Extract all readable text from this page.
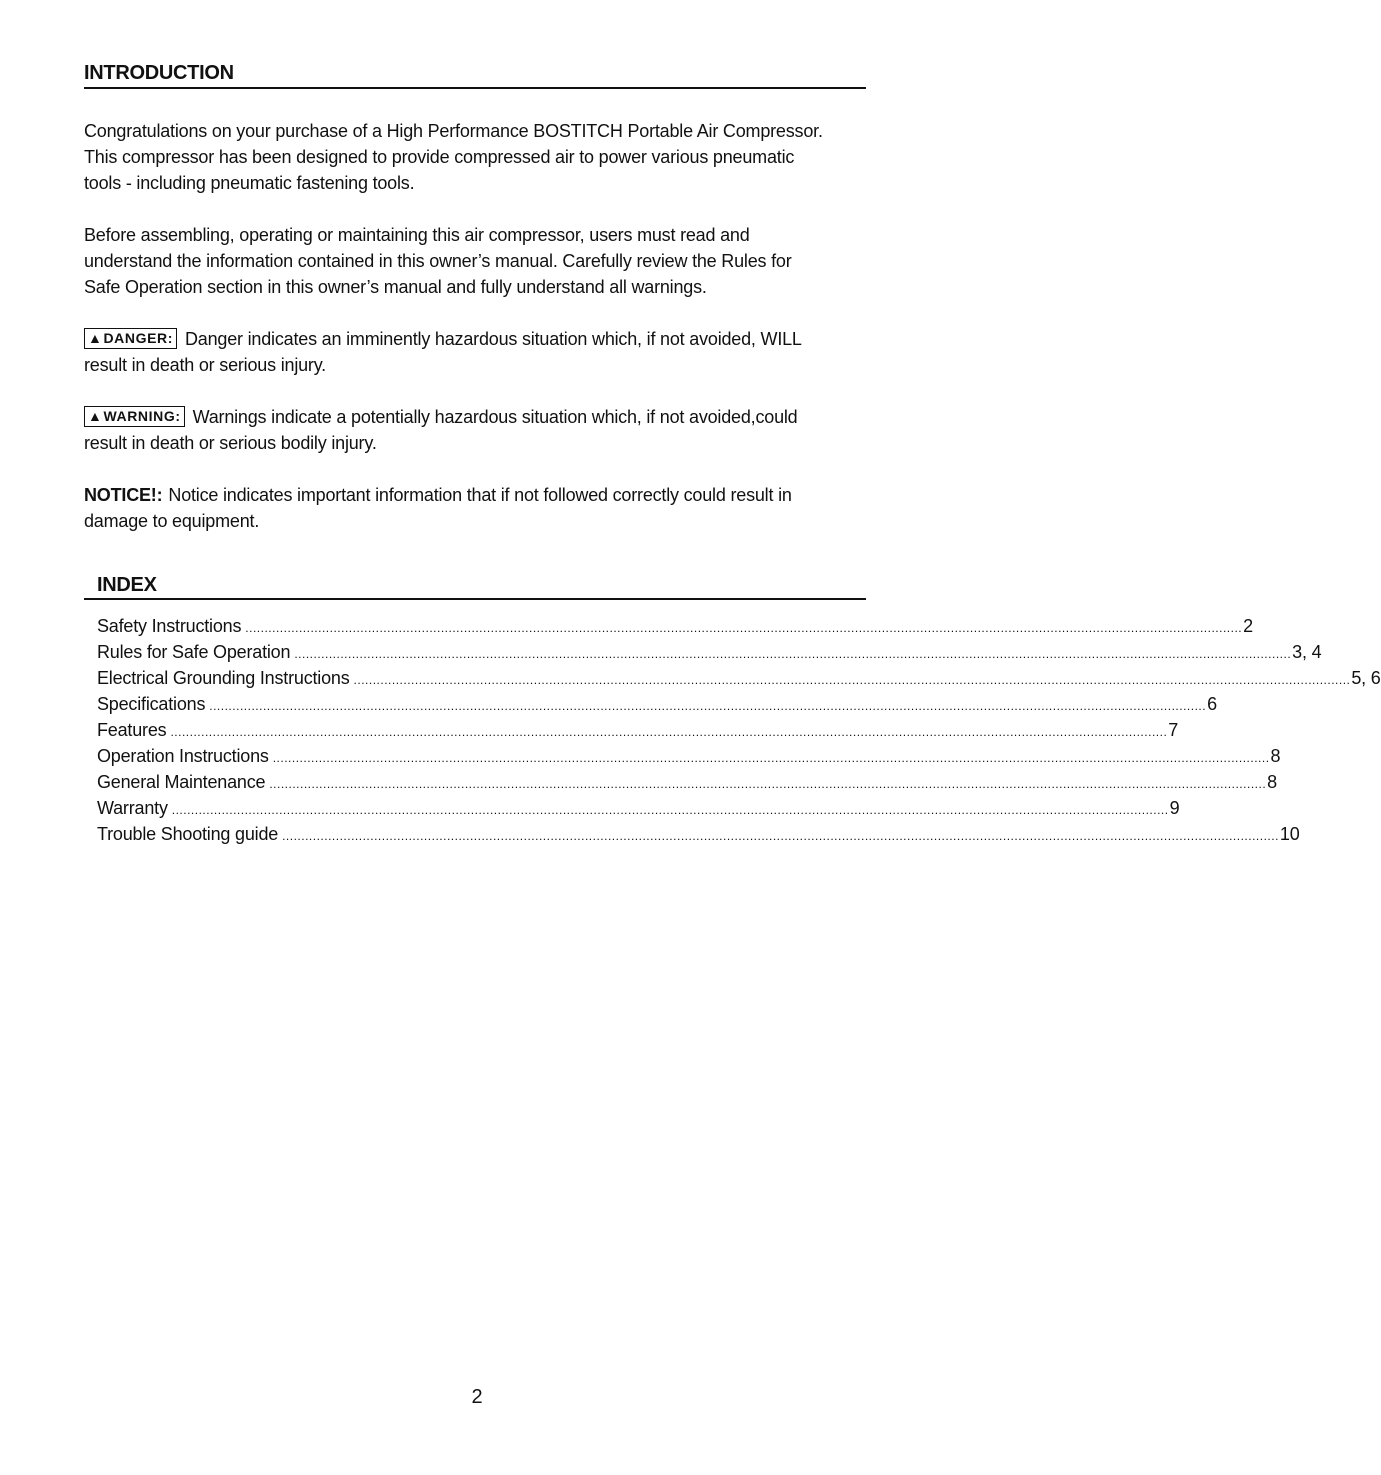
INTRODUCTION
Congratulations on your purchase of a High Performance BOSTITCH Portable Air Compressor.
This compressor has been designed to provide compressed air to power various pneumatic
tools - including pneumatic fastening tools.
Before assembling, operating or maintaining this air compressor, users must read and
understand the information contained in this owner’s manual. Carefully review the Rules for
Safe Operation section in this owner’s manual and fully understand all warnings.
▲DANGER: Danger indicates an imminently hazardous situation which, if not avoided, WILL
result in death or serious injury.
▲WARNING: Warnings indicate a potentially hazardous situation which, if not avoided,could
result in death or serious bodily injury.
NOTICE!: Notice indicates important information that if not followed correctly could result in
damage to equipment.
INDEX
Safety Instructions .................................................................................................................................................................................................................................................................... 2
Rules for Safe Operation .................................................................................................................................................................................................................................................................... 3, 4
Electrical Grounding Instructions .................................................................................................................................................................................................................................................................... 5, 6
Specifications .................................................................................................................................................................................................................................................................... 6
Features .................................................................................................................................................................................................................................................................... 7
Operation Instructions .................................................................................................................................................................................................................................................................... 8
General Maintenance .................................................................................................................................................................................................................................................................... 8
Warranty .................................................................................................................................................................................................................................................................... 9
Trouble Shooting guide .................................................................................................................................................................................................................................................................... 10
2
